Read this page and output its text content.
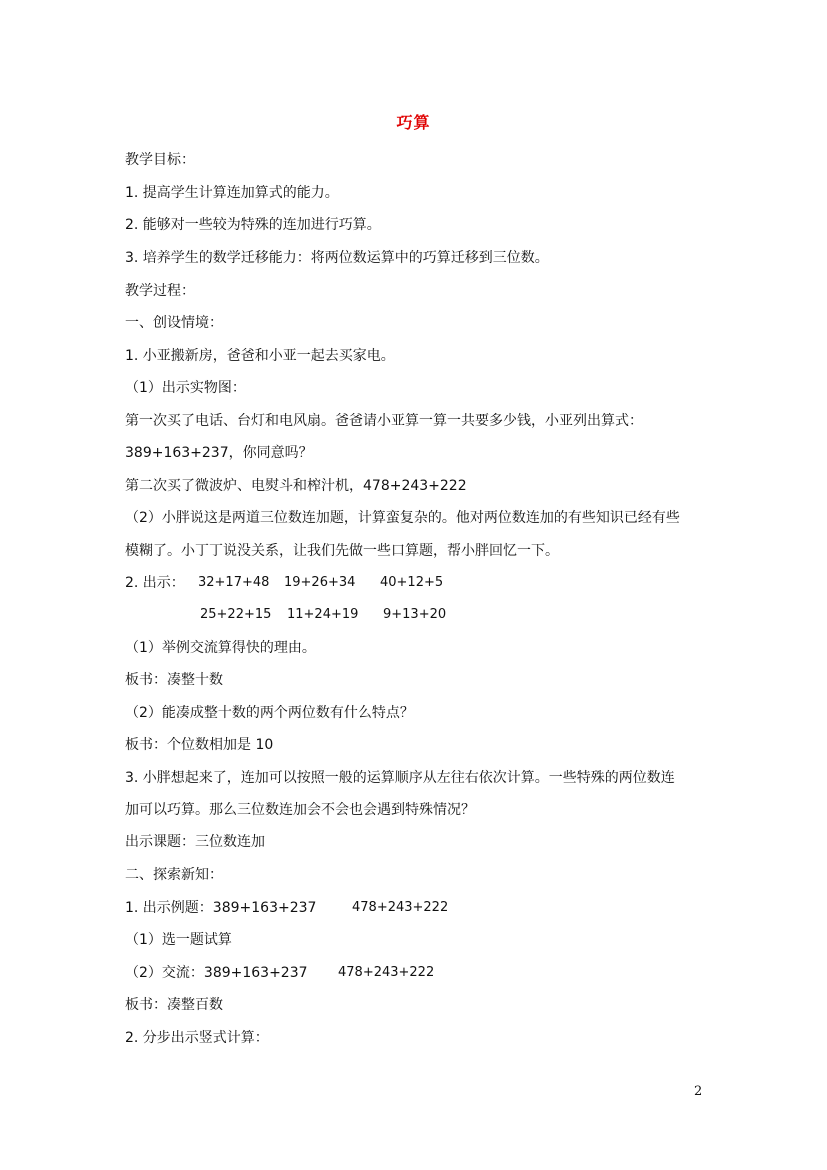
巧算
教学目标：
1. 提高学生计算连加算式的能力。
2. 能够对一些较为特殊的连加进行巧算。
3. 培养学生的数学迁移能力：将两位数运算中的巧算迁移到三位数。
教学过程：
一、创设情境：
1. 小亚搬新房，爸爸和小亚一起去买家电。
（1）出示实物图：
第一次买了电话、台灯和电风扇。爸爸请小亚算一算一共要多少钱，小亚列出算式：
389+163+237，你同意吗？
第二次买了微波炉、电熨斗和榨汁机，478+243+222
（2）小胖说这是两道三位数连加题，计算蛮复杂的。他对两位数连加的有些知识已经有些
模糊了。小丁丁说没关系，让我们先做一些口算题，帮小胖回忆一下。
2. 出示： 32+17+48 19+26+34 40+12+5
25+22+15 11+24+19 9+13+20
（1）举例交流算得快的理由。
板书：凑整十数
（2）能凑成整十数的两个两位数有什么特点？
板书：个位数相加是 10
3. 小胖想起来了，连加可以按照一般的运算顺序从左往右依次计算。一些特殊的两位数连
加可以巧算。那么三位数连加会不会也会遇到特殊情况？
出示课题：三位数连加
二、探索新知：
1. 出示例题：389+163+237	478+243+222
（1）选一题试算
（2）交流：389+163+237 478+243+222
板书：凑整百数
2. 分步出示竖式计算：
2
